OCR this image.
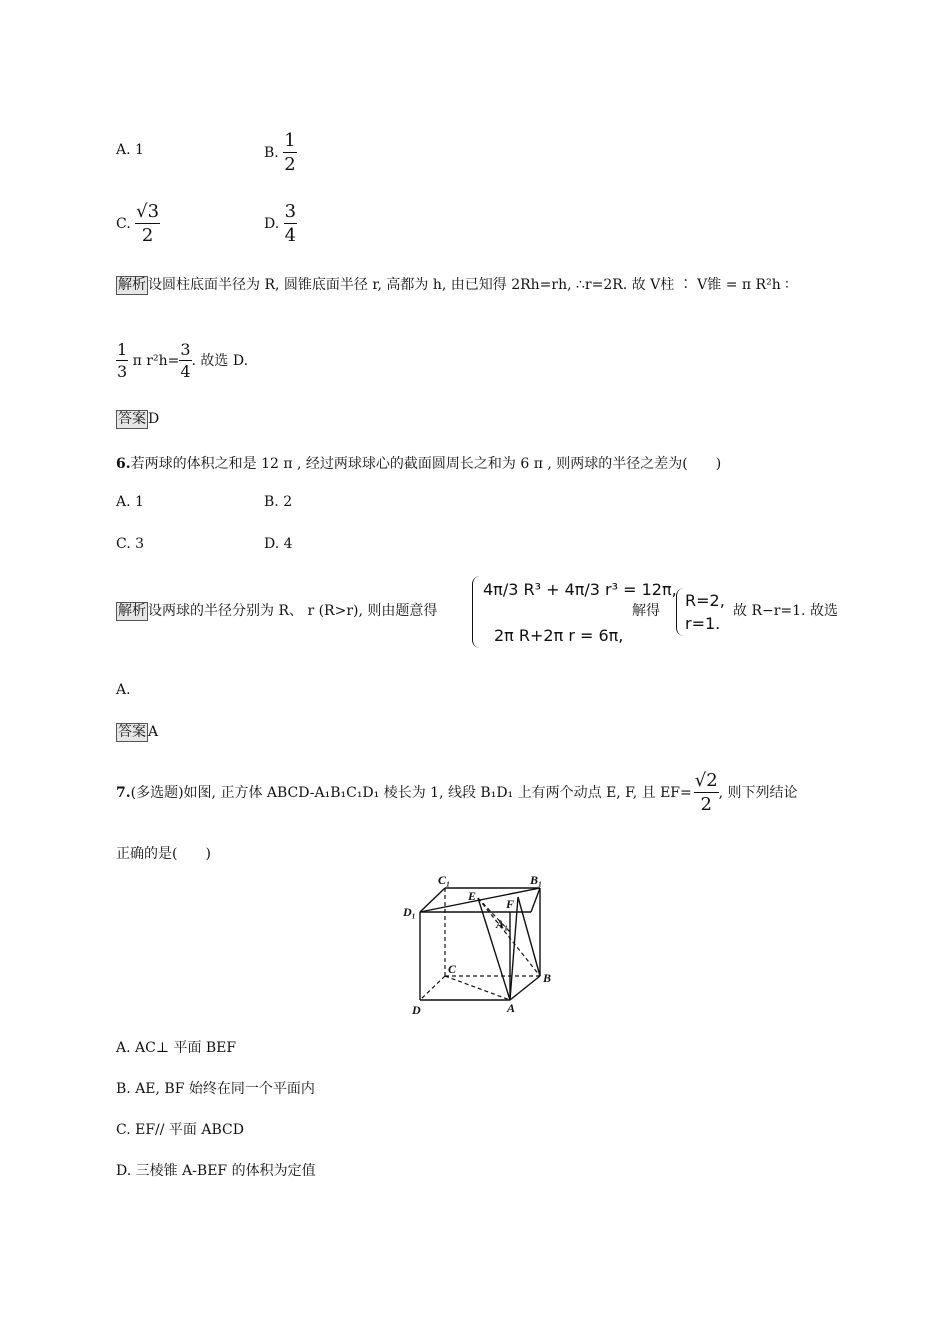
A. 1	B. $\frac{1}{2}$
C. $\frac{√3}{2}$	D. $\frac{3}{4}$
解析 设圆柱底面半径为 R, 圆锥底面半径 r, 高都为 h, 由已知得 2Rh=rh, ∴r=2R. 故 V柱 ∶ V锥 = π R²h ∶
$\frac{1}{3}$ π $r^2h= \frac{3}{4}$ . 故选 D.
答案 D
6.若两球的体积之和是 12 π , 经过两球球心的截面圆周长之和为 6 π , 则两球的半径之差为(　　)
A. 1	B. 2
C. 3	D. 4
解析 设两球的半径分别为 R、 r (R>r), 则由题意得
4π/3 R³ + 4π/3 r³ = 12π,
2π R+2π r = 6π,
解得
R=2,
r=1.
故 R−r=1. 故选
A.
答案 A
7.(多选题)如图, 正方体 ABCD-A₁B₁C₁D₁ 棱长为 1, 线段 B₁D₁ 上有两个动点 E, F, 且 $EF= \frac{√2}{2}$ , 则下列结论
正确的是(　　)
C₁	B₁
D₁
E
F
A₁
C
B
D	A
A. AC⊥ 平面 BEF
B. AE, BF 始终在同一个平面内
C. EF// 平面 ABCD
D. 三棱锥 A-BEF 的体积为定值
